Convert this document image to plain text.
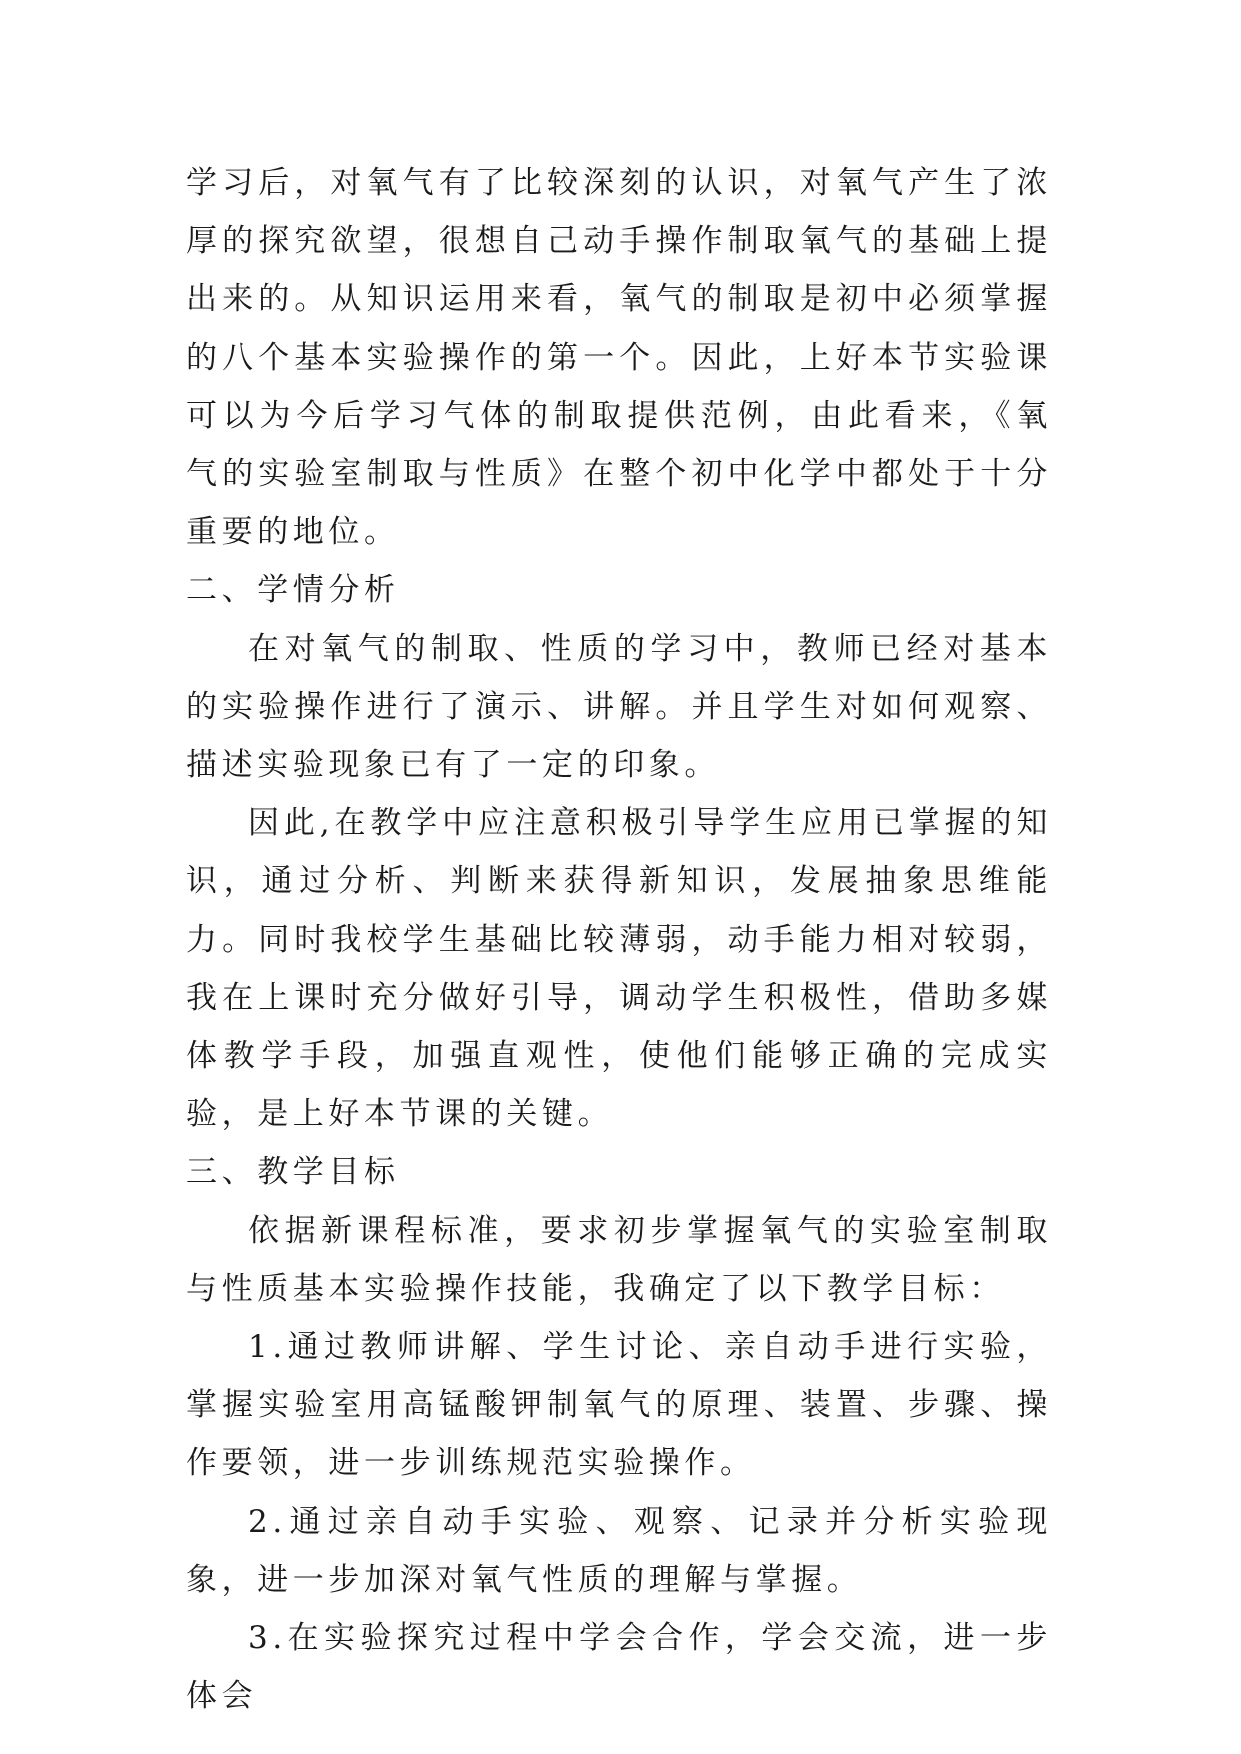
学习后，对氧气有了比较深刻的认识，对氧气产生了浓厚的探究欲望，很想自己动手操作制取氧气的基础上提出来的。从知识运用来看，氧气的制取是初中必须掌握的八个基本实验操作的第一个。因此，上好本节实验课可以为今后学习气体的制取提供范例，由此看来，《氧气的实验室制取与性质》在整个初中化学中都处于十分重要的地位。

二、学情分析

在对氧气的制取、性质的学习中，教师已经对基本的实验操作进行了演示、讲解。并且学生对如何观察、描述实验现象已有了一定的印象。

因此,在教学中应注意积极引导学生应用已掌握的知识，通过分析、判断来获得新知识，发展抽象思维能力。同时我校学生基础比较薄弱，动手能力相对较弱，我在上课时充分做好引导，调动学生积极性，借助多媒体教学手段，加强直观性，使他们能够正确的完成实验，是上好本节课的关键。

三、教学目标

依据新课程标准，要求初步掌握氧气的实验室制取与性质基本实验操作技能，我确定了以下教学目标：

1.通过教师讲解、学生讨论、亲自动手进行实验，掌握实验室用高锰酸钾制氧气的原理、装置、步骤、操作要领，进一步训练规范实验操作。

2.通过亲自动手实验、观察、记录并分析实验现象，进一步加深对氧气性质的理解与掌握。

3.在实验探究过程中学会合作，学会交流，进一步体会
